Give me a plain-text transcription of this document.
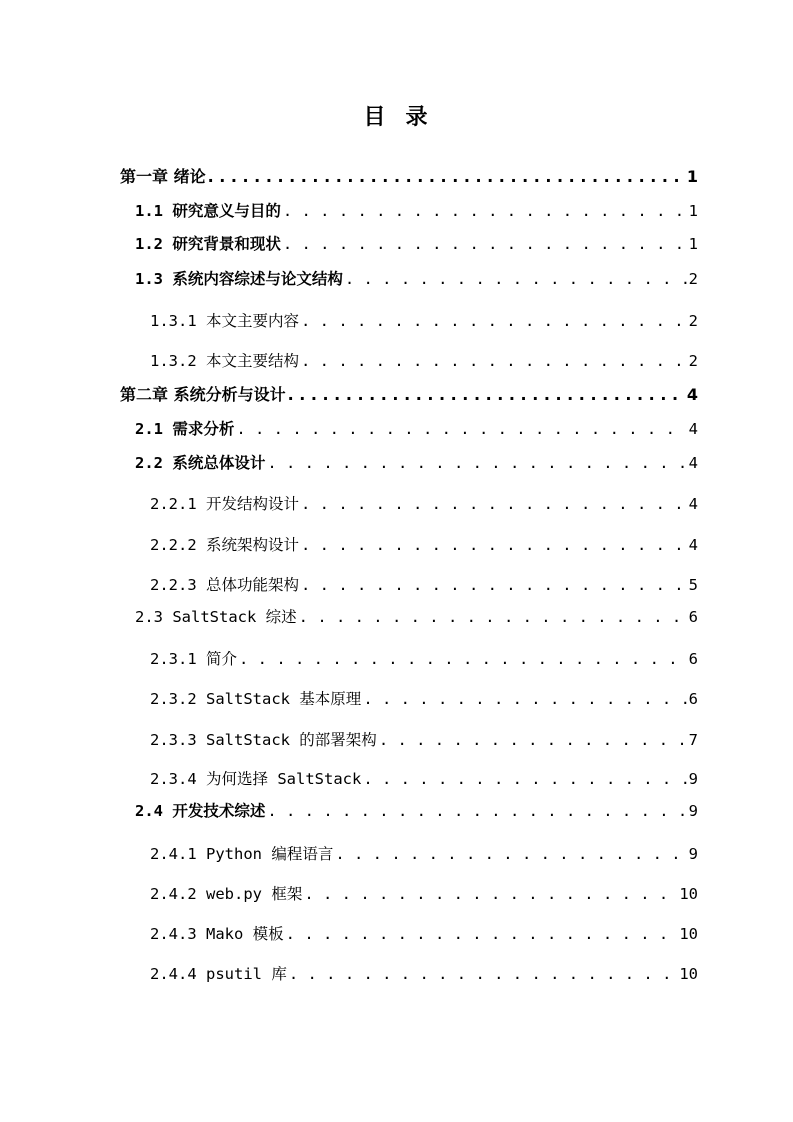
目 录
第一章 绪论 . . .	1
1.1 研究意义与目的 . . .	1
1.2 研究背景和现状 . . .	1
1.3 系统内容综述与论文结构 . . .	2
1.3.1 本文主要内容 . . .	2
1.3.2 本文主要结构 . . .	2
第二章 系统分析与设计 . . .	4
2.1 需求分析 . . .	4
2.2 系统总体设计 . . .	4
2.2.1 开发结构设计 . . .	4
2.2.2 系统架构设计 . . .	4
2.2.3 总体功能架构 . . .	5
2.3 SaltStack 综述 . . .	6
2.3.1 简介 . . .	6
2.3.2 SaltStack 基本原理 . . .	6
2.3.3 SaltStack 的部署架构 . . .	7
2.3.4 为何选择 SaltStack . . .	9
2.4 开发技术综述 . . .	9
2.4.1 Python 编程语言 . . .	9
2.4.2 web.py 框架 . . .	10
2.4.3 Mako 模板 . . .	10
2.4.4 psutil 库 . . .	10
